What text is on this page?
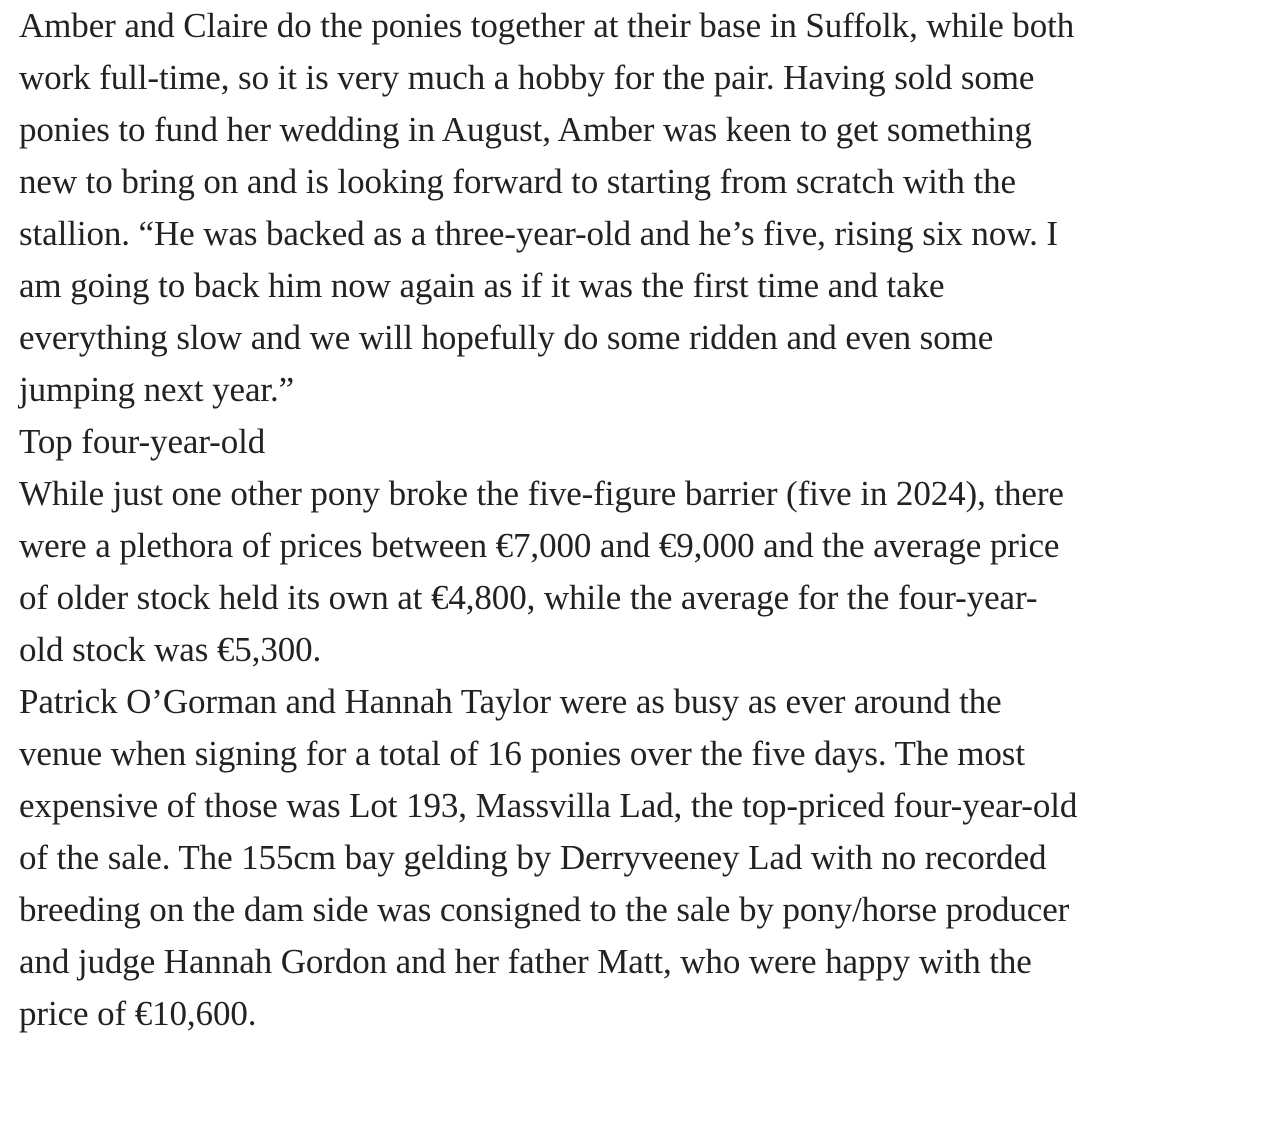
Amber and Claire do the ponies together at their base in Suffolk, while both
work full-time, so it is very much a hobby for the pair. Having sold some
ponies to fund her wedding in August, Amber was keen to get something
new to bring on and is looking forward to starting from scratch with the
stallion. “He was backed as a three-year-old and he’s five, rising six now. I
am going to back him now again as if it was the first time and take
everything slow and we will hopefully do some ridden and even some
jumping next year.”

Top four-year-old

While just one other pony broke the five-figure barrier (five in 2024), there
were a plethora of prices between €7,000 and €9,000 and the average price
of older stock held its own at €4,800, while the average for the four-year-
old stock was €5,300.

Patrick O’Gorman and Hannah Taylor were as busy as ever around the
venue when signing for a total of 16 ponies over the five days. The most
expensive of those was Lot 193, Massvilla Lad, the top-priced four-year-old
of the sale. The 155cm bay gelding by Derryveeney Lad with no recorded
breeding on the dam side was consigned to the sale by pony/horse producer
and judge Hannah Gordon and her father Matt, who were happy with the
price of €10,600.
